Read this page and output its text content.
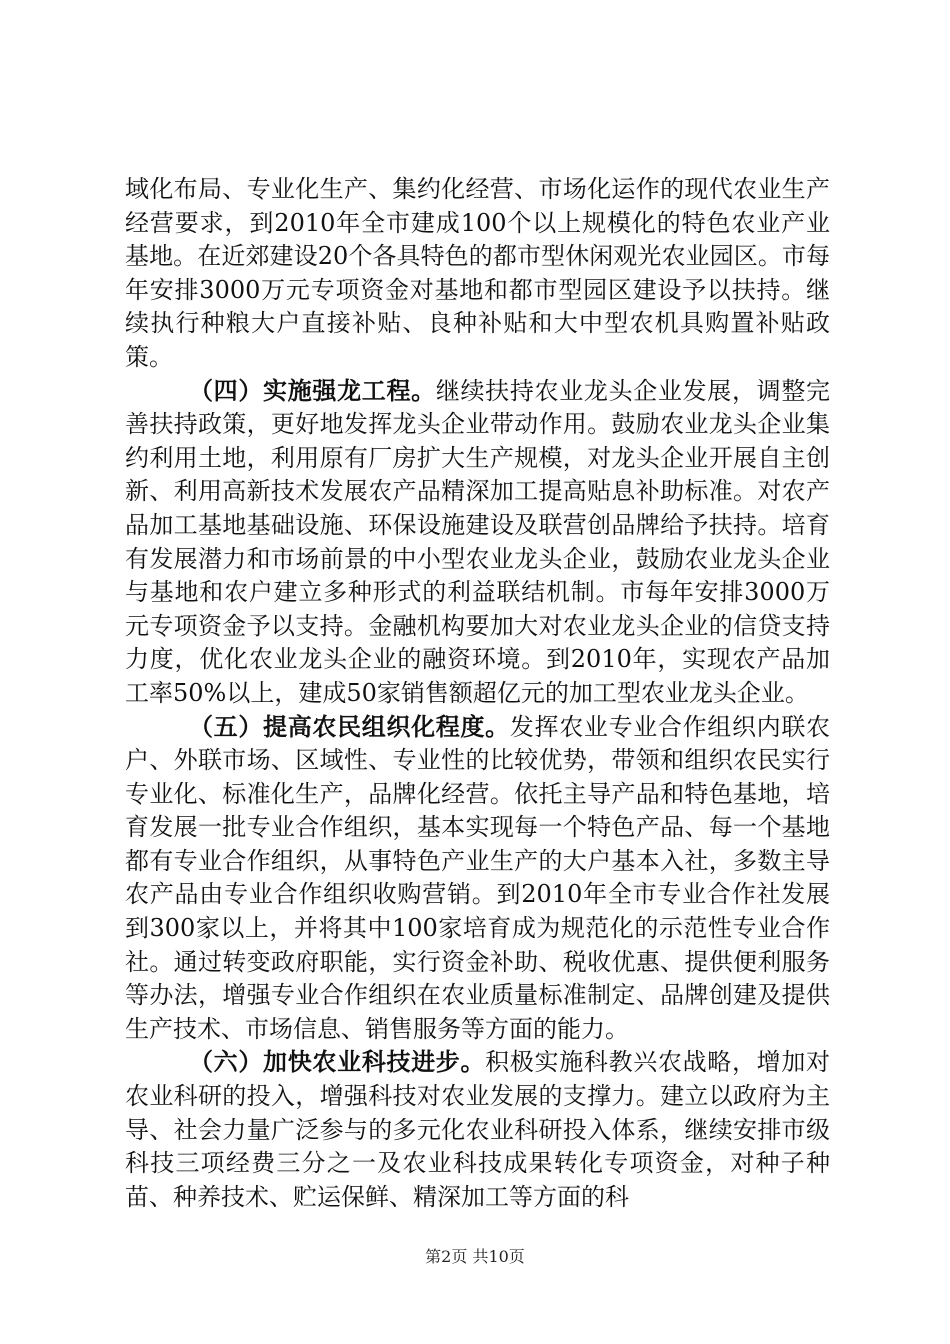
域化布局、专业化生产、集约化经营、市场化运作的现代农业生产经营要求，到2010年全市建成100个以上规模化的特色农业产业基地。在近郊建设20个各具特色的都市型休闲观光农业园区。市每年安排3000万元专项资金对基地和都市型园区建设予以扶持。继续执行种粮大户直接补贴、良种补贴和大中型农机具购置补贴政策。

（四）实施强龙工程。继续扶持农业龙头企业发展，调整完善扶持政策，更好地发挥龙头企业带动作用。鼓励农业龙头企业集约利用土地，利用原有厂房扩大生产规模，对龙头企业开展自主创新、利用高新技术发展农产品精深加工提高贴息补助标准。对农产品加工基地基础设施、环保设施建设及联营创品牌给予扶持。培育有发展潜力和市场前景的中小型农业龙头企业，鼓励农业龙头企业与基地和农户建立多种形式的利益联结机制。市每年安排3000万元专项资金予以支持。金融机构要加大对农业龙头企业的信贷支持力度，优化农业龙头企业的融资环境。到2010年，实现农产品加工率50%以上，建成50家销售额超亿元的加工型农业龙头企业。

（五）提高农民组织化程度。发挥农业专业合作组织内联农户、外联市场、区域性、专业性的比较优势，带领和组织农民实行专业化、标准化生产，品牌化经营。依托主导产品和特色基地，培育发展一批专业合作组织，基本实现每一个特色产品、每一个基地都有专业合作组织，从事特色产业生产的大户基本入社，多数主导农产品由专业合作组织收购营销。到2010年全市专业合作社发展到300家以上，并将其中100家培育成为规范化的示范性专业合作社。通过转变政府职能，实行资金补助、税收优惠、提供便利服务等办法，增强专业合作组织在农业质量标准制定、品牌创建及提供生产技术、市场信息、销售服务等方面的能力。

（六）加快农业科技进步。积极实施科教兴农战略，增加对农业科研的投入，增强科技对农业发展的支撑力。建立以政府为主导、社会力量广泛参与的多元化农业科研投入体系，继续安排市级科技三项经费三分之一及农业科技成果转化专项资金，对种子种苗、种养技术、贮运保鲜、精深加工等方面的科

第2页 共10页
